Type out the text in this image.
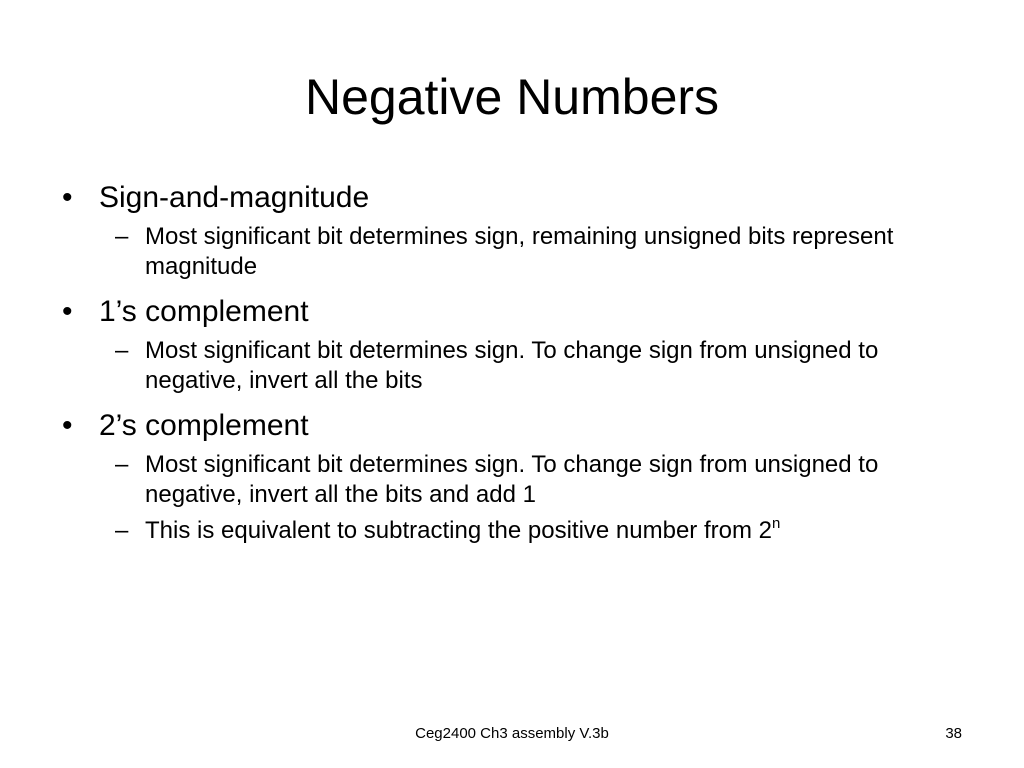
Negative Numbers
• Sign-and-magnitude
– Most significant bit determines sign, remaining unsigned bits represent magnitude
• 1’s complement
– Most significant bit determines sign. To change sign from unsigned to negative, invert all the bits
• 2’s complement
– Most significant bit determines sign. To change sign from unsigned to negative, invert all the bits and add 1
– This is equivalent to subtracting the positive number from 2$^n$
Ceg2400 Ch3 assembly V.3b	38
